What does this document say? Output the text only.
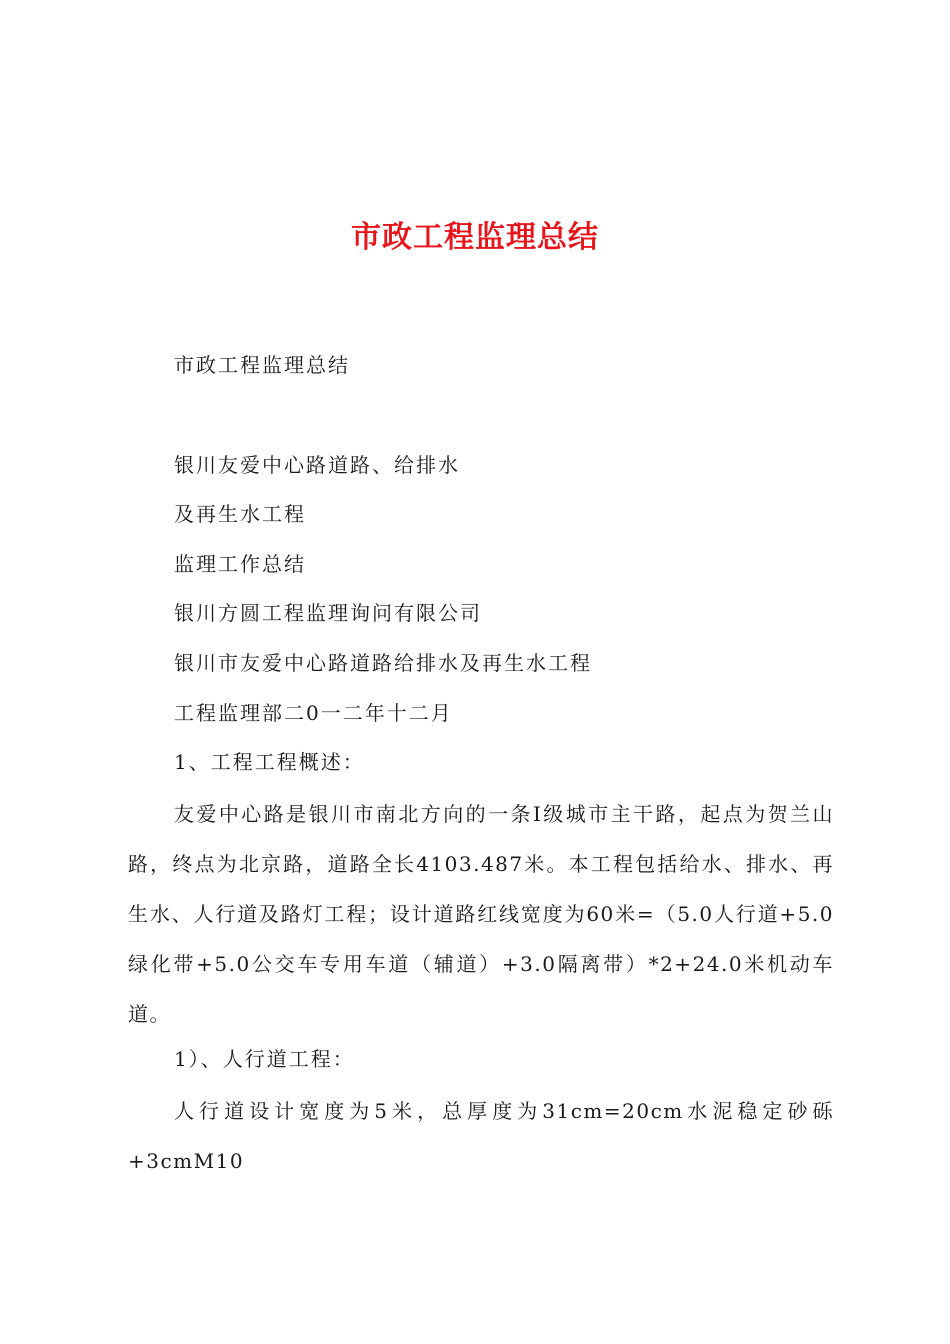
市政工程监理总结

市政工程监理总结

银川友爱中心路道路、给排水

及再生水工程

监理工作总结

银川方圆工程监理询问有限公司

银川市友爱中心路道路给排水及再生水工程

工程监理部二0一二年十二月

1、工程工程概述：

友爱中心路是银川市南北方向的一条Ⅰ级城市主干路，起点为贺兰山路，终点为北京路，道路全长4103.487米。本工程包括给水、排水、再生水、人行道及路灯工程；设计道路红线宽度为60米=（5.0人行道+5.0绿化带+5.0公交车专用车道（辅道）+3.0隔离带）*2+24.0米机动车道。

1）、人行道工程：

人行道设计宽度为5米，总厚度为31cm=20cm水泥稳定砂砾+3cmM10
